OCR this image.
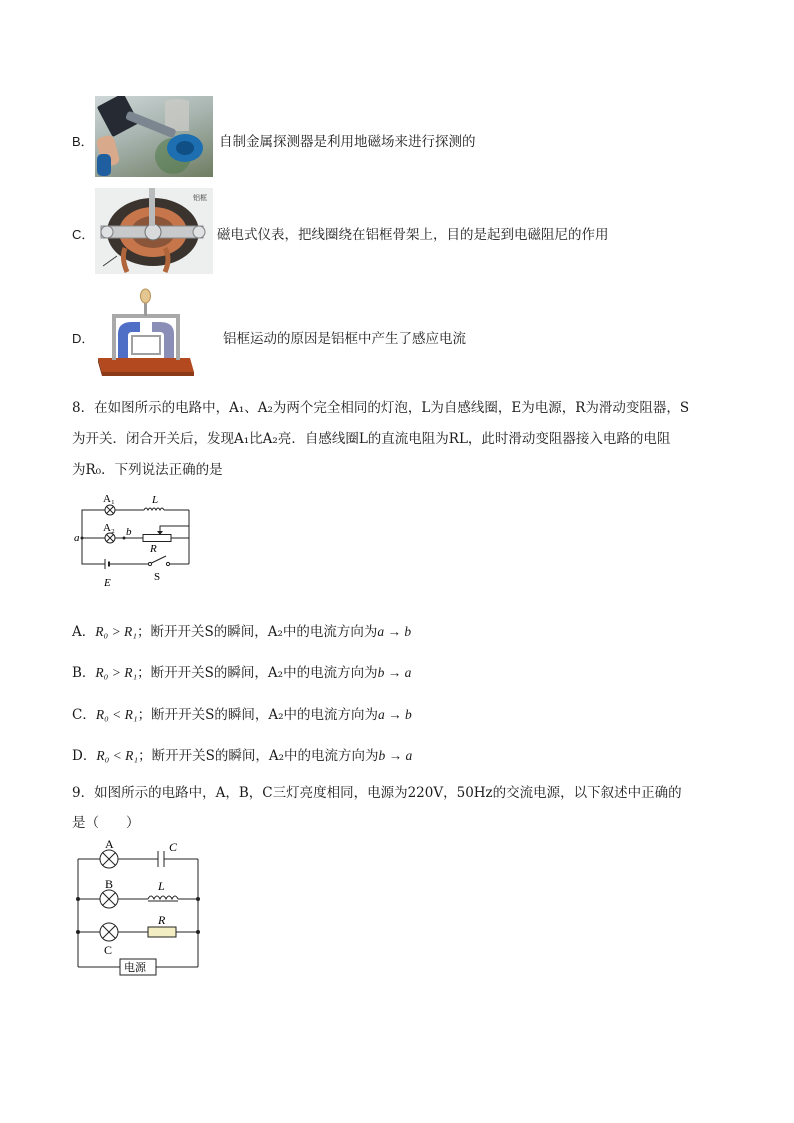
B．	自制金属探测器是利用地磁场来进行探测的
C．
铝框
磁电式仪表，把线圈绕在铝框骨架上，目的是起到电磁阻尼的作用
D．	铝框运动的原因是铝框中产生了感应电流
8．在如图所示的电路中，A₁、A₂为两个完全相同的灯泡，L为自感线圈，E为电源，R为滑动变阻器，S
为开关．闭合开关后，发现A₁比A₂亮．自感线圈L的直流电阻为RL，此时滑动变阻器接入电路的电阻
为R₀．下列说法正确的是
A₁
A₂
L
R
a	b
E	S
A．R₀ > R₁；断开开关S的瞬间，A₂中的电流方向为a → b
B．R₀ > R₁；断开开关S的瞬间，A₂中的电流方向为b → a
C．R₀ < R₁；断开开关S的瞬间，A₂中的电流方向为a → b
D．R₀ < R₁；断开开关S的瞬间，A₂中的电流方向为b → a
9．如图所示的电路中，A，B，C三灯亮度相同，电源为220V，50Hz的交流电源，以下叙述中正确的
是（　　）
A
B
C
C
L
R
电源
